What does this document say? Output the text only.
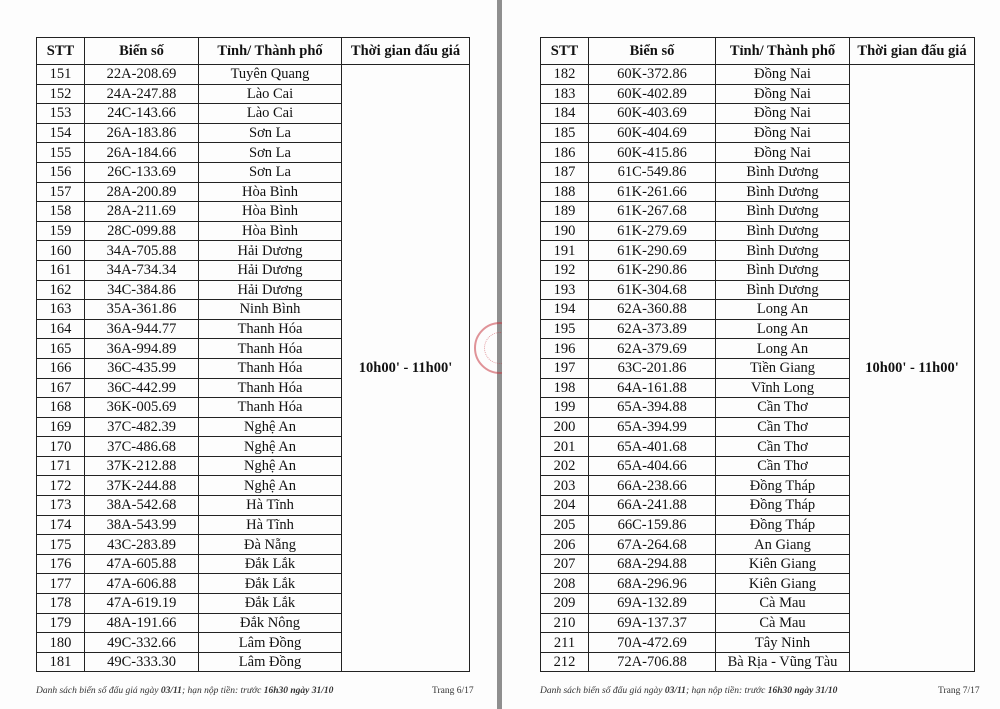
STT	Biển số	Tỉnh/ Thành phố	Thời gian đấu giá
151	22A-208.69	Tuyên Quang	10h00' - 11h00'
152	24A-247.88	Lào Cai	
153	24C-143.66	Lào Cai	
154	26A-183.86	Sơn La	
155	26A-184.66	Sơn La	
156	26C-133.69	Sơn La	
157	28A-200.89	Hòa Bình	
158	28A-211.69	Hòa Bình	
159	28C-099.88	Hòa Bình	
160	34A-705.88	Hải Dương	
161	34A-734.34	Hải Dương	
162	34C-384.86	Hải Dương	
163	35A-361.86	Ninh Bình	
164	36A-944.77	Thanh Hóa	
165	36A-994.89	Thanh Hóa	
166	36C-435.99	Thanh Hóa	
167	36C-442.99	Thanh Hóa	
168	36K-005.69	Thanh Hóa	
169	37C-482.39	Nghệ An	
170	37C-486.68	Nghệ An	
171	37K-212.88	Nghệ An	
172	37K-244.88	Nghệ An	
173	38A-542.68	Hà Tĩnh	
174	38A-543.99	Hà Tĩnh	
175	43C-283.89	Đà Nẵng	
176	47A-605.88	Đắk Lắk	
177	47A-606.88	Đắk Lắk	
178	47A-619.19	Đắk Lắk	
179	48A-191.66	Đắk Nông	
180	49C-332.66	Lâm Đồng	
181	49C-333.30	Lâm Đồng	
Danh sách biển số đấu giá ngày 03/11; hạn nộp tiền: trước 16h30 ngày 31/10	Trang 6/17
STT	Biển số	Tỉnh/ Thành phố	Thời gian đấu giá
182	60K-372.86	Đồng Nai	10h00' - 11h00'
183	60K-402.89	Đồng Nai	
184	60K-403.69	Đồng Nai	
185	60K-404.69	Đồng Nai	
186	60K-415.86	Đồng Nai	
187	61C-549.86	Bình Dương	
188	61K-261.66	Bình Dương	
189	61K-267.68	Bình Dương	
190	61K-279.69	Bình Dương	
191	61K-290.69	Bình Dương	
192	61K-290.86	Bình Dương	
193	61K-304.68	Bình Dương	
194	62A-360.88	Long An	
195	62A-373.89	Long An	
196	62A-379.69	Long An	
197	63C-201.86	Tiền Giang	
198	64A-161.88	Vĩnh Long	
199	65A-394.88	Cần Thơ	
200	65A-394.99	Cần Thơ	
201	65A-401.68	Cần Thơ	
202	65A-404.66	Cần Thơ	
203	66A-238.66	Đồng Tháp	
204	66A-241.88	Đồng Tháp	
205	66C-159.86	Đồng Tháp	
206	67A-264.68	An Giang	
207	68A-294.88	Kiên Giang	
208	68A-296.96	Kiên Giang	
209	69A-132.89	Cà Mau	
210	69A-137.37	Cà Mau	
211	70A-472.69	Tây Ninh	
212	72A-706.88	Bà Rịa - Vũng Tàu	
Danh sách biển số đấu giá ngày 03/11; hạn nộp tiền: trước 16h30 ngày 31/10	Trang 7/17
